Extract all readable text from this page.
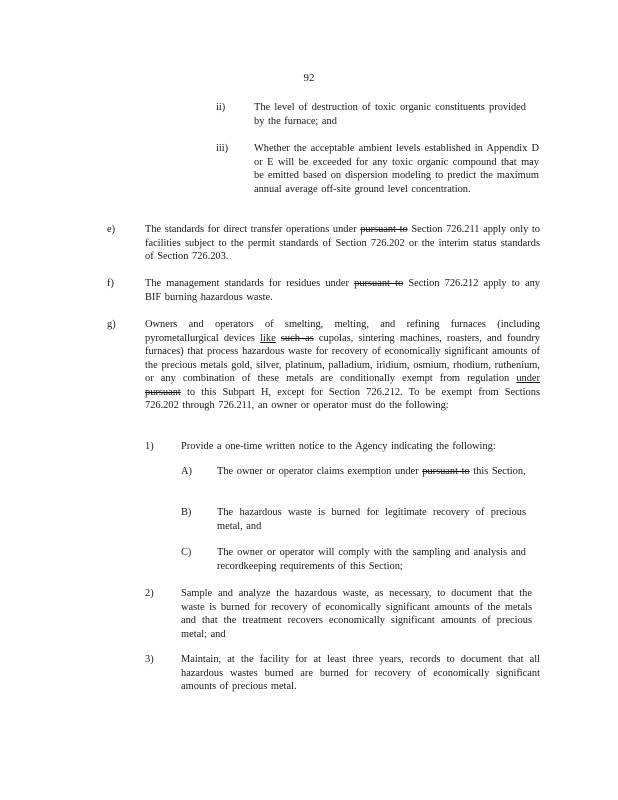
92
ii)	The level of destruction of toxic organic constituents provided by the furnace; and
iii)	Whether the acceptable ambient levels established in Appendix D or E will be exceeded for any toxic organic compound that may be emitted based on dispersion modeling to predict the maximum annual average off-site ground level concentration.
e)	The standards for direct transfer operations under pursuant to Section 726.211 apply only to facilities subject to the permit standards of Section 726.202 or the interim status standards of Section 726.203.
f)	The management standards for residues under pursuant to Section 726.212 apply to any BIF burning hazardous waste.
g)	Owners and operators of smelting, melting, and refining furnaces (including pyrometallurgical devices like such as cupolas, sintering machines, roasters, and foundry furnaces) that process hazardous waste for recovery of economically significant amounts of the precious metals gold, silver, platinum, palladium, iridium, osmium, rhodium, ruthenium, or any combination of these metals are conditionally exempt from regulation under pursuant to this Subpart H, except for Section 726.212. To be exempt from Sections 726.202 through 726.211, an owner or operator must do the following:
1)	Provide a one-time written notice to the Agency indicating the following:
A)	The owner or operator claims exemption under pursuant to this Section,
B)	The hazardous waste is burned for legitimate recovery of precious metal, and
C)	The owner or operator will comply with the sampling and analysis and recordkeeping requirements of this Section;
2)	Sample and analyze the hazardous waste, as necessary, to document that the waste is burned for recovery of economically significant amounts of the metals and that the treatment recovers economically significant amounts of precious metal; and
3)	Maintain, at the facility for at least three years, records to document that all hazardous wastes burned are burned for recovery of economically significant amounts of precious metal.
